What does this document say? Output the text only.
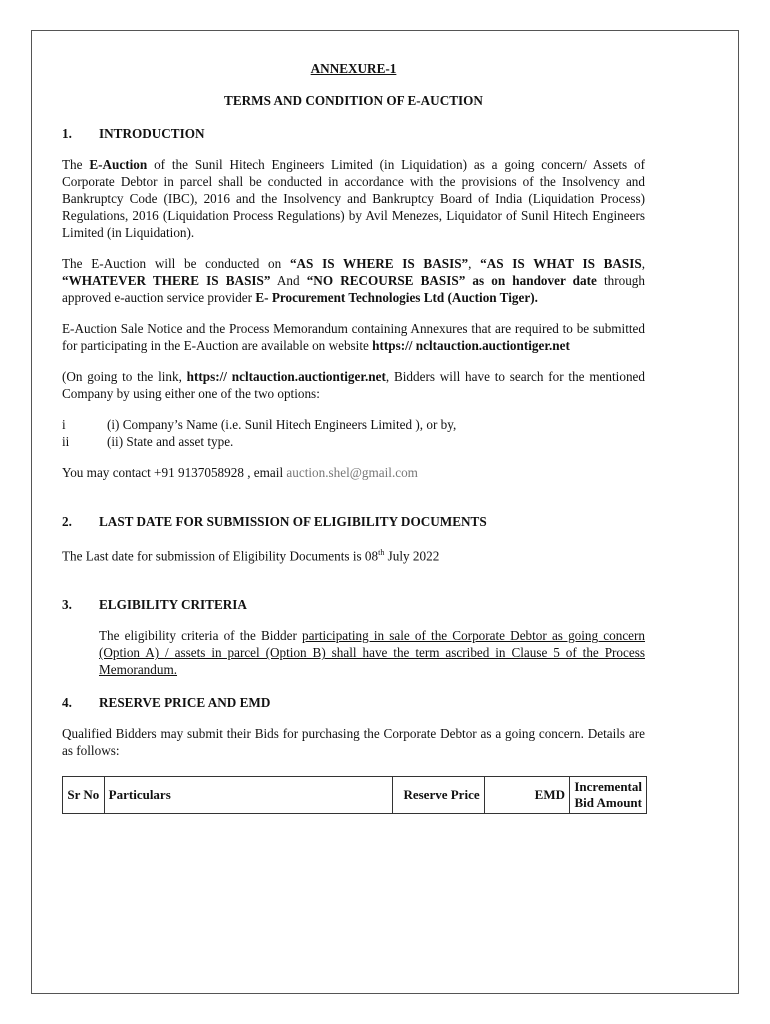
ANNEXURE-1
TERMS AND CONDITION OF E-AUCTION
1.	INTRODUCTION

The E-Auction of the Sunil Hitech Engineers Limited (in Liquidation) as a going concern/ Assets of Corporate Debtor in parcel shall be conducted in accordance with the provisions of the Insolvency and Bankruptcy Code (IBC), 2016 and the Insolvency and Bankruptcy Board of India (Liquidation Process) Regulations, 2016 (Liquidation Process Regulations) by Avil Menezes, Liquidator of Sunil Hitech Engineers Limited (in Liquidation).

The E-Auction will be conducted on “AS IS WHERE IS BASIS”, “AS IS WHAT IS BASIS, “WHATEVER THERE IS BASIS” And “NO RECOURSE BASIS” as on handover date through approved e-auction service provider E- Procurement Technologies Ltd (Auction Tiger).

E-Auction Sale Notice and the Process Memorandum containing Annexures that are required to be submitted for participating in the E-Auction are available on website https:// ncltauction.auctiontiger.net

(On going to the link, https:// ncltauction.auctiontiger.net, Bidders will have to search for the mentioned Company by using either one of the two options:

i	(i) Company’s Name (i.e. Sunil Hitech Engineers Limited ), or by,
ii	(ii) State and asset type.

You may contact +91 9137058928 , email auction.shel@gmail.com

2.	LAST DATE FOR SUBMISSION OF ELIGIBILITY DOCUMENTS

The Last date for submission of Eligibility Documents is 08th July 2022

3.	ELGIBILITY CRITERIA

The eligibility criteria of the Bidder participating in sale of the Corporate Debtor as going concern (Option A) / assets in parcel (Option B) shall have the term ascribed in Clause 5 of the Process Memorandum.

4.	RESERVE PRICE AND EMD

Qualified Bidders may submit their Bids for purchasing the Corporate Debtor as a going concern. Details are as follows:

Sr No	Particulars	Reserve Price	EMD	Incremental Bid Amount
